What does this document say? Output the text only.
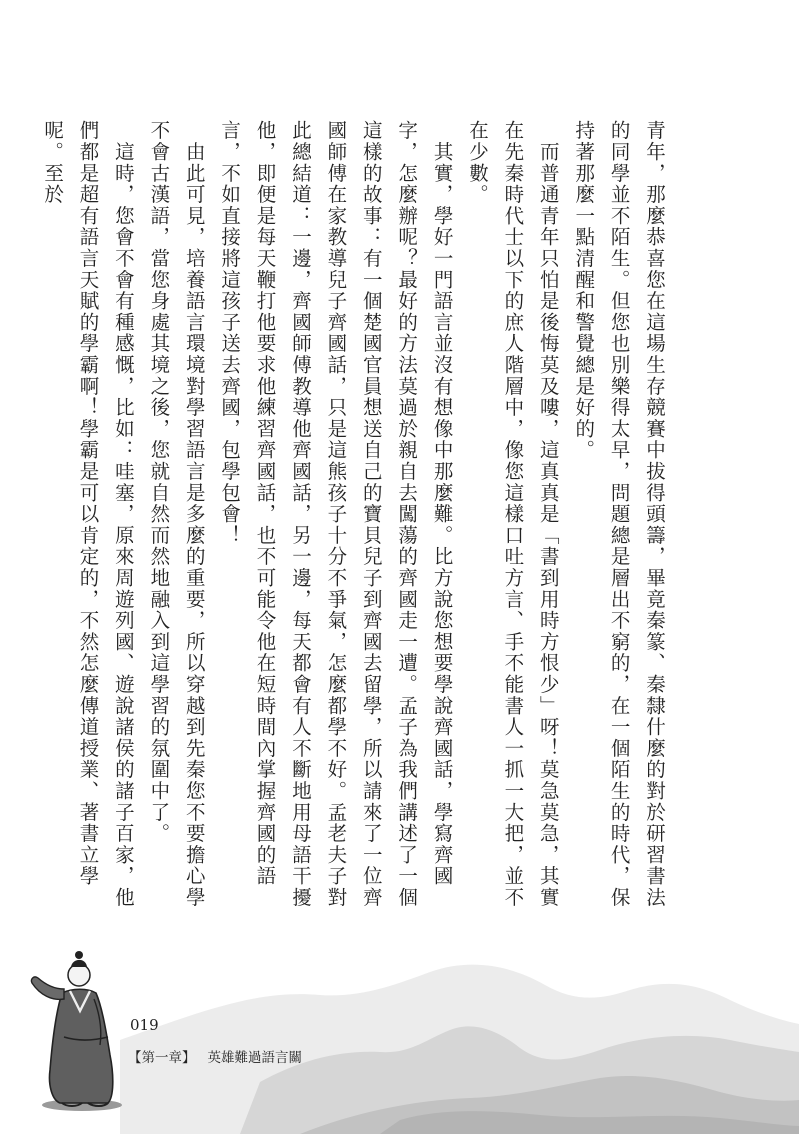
青年，那麼恭喜您在這場生存競賽中拔得頭籌，畢竟秦篆、秦隸什麼的對於研習書法的同學並不陌生。但您也別樂得太早，問題總是層出不窮的，在一個陌生的時代，保持著那麼一點清醒和警覺總是好的。

　而普通青年只怕是後悔莫及嘍，這真真是「書到用時方恨少」呀！莫急莫急，其實在先秦時代士以下的庶人階層中，像您這樣口吐方言、手不能書人一抓一大把，並不在少數。

　其實，學好一門語言並沒有想像中那麼難。比方說您想要學說齊國話，學寫齊國字，怎麼辦呢？最好的方法莫過於親自去闖蕩的齊國走一遭。孟子為我們講述了一個這樣的故事：有一個楚國官員想送自己的寶貝兒子到齊國去留學，所以請來了一位齊國師傅在家教導兒子齊國話，只是這熊孩子十分不爭氣，怎麼都學不好。孟老夫子對此總結道：一邊，齊國師傅教導他齊國話，另一邊，每天都會有人不斷地用母語干擾他，即便是每天鞭打他要求他練習齊國話，也不可能令他在短時間內掌握齊國的語言，不如直接將這孩子送去齊國，包學包會！

　由此可見，培養語言環境對學習語言是多麼的重要，所以穿越到先秦您不要擔心學不會古漢語，當您身處其境之後，您就自然而然地融入到這學習的氛圍中了。

　這時，您會不會有種感慨，比如：哇塞，原來周遊列國、遊說諸侯的諸子百家，他們都是超有語言天賦的學霸啊！學霸是可以肯定的，不然怎麼傳道授業、著書立學呢。至於

019
【第一章】 英雄難過語言關
